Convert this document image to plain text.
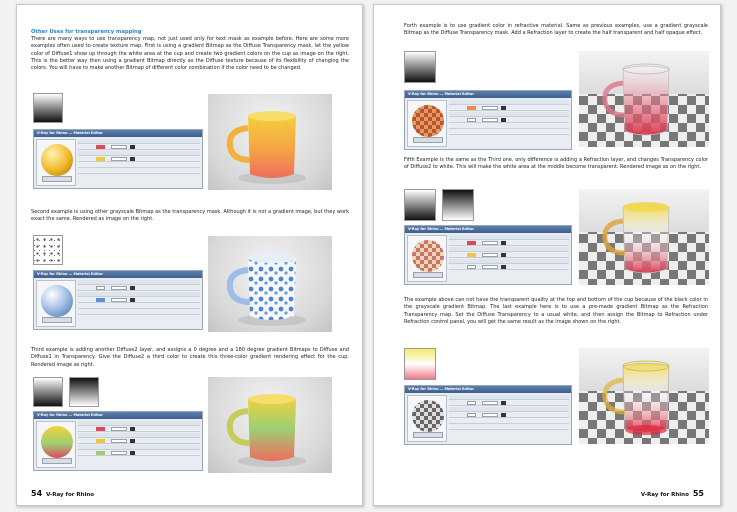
Other Uses for transparency mapping
There are many ways to use transparency map, not just used only for text mask as example before. Here are some more examples often used to create texture map. First is using a gradient Bitmap as the Diffuse Transparency mask, let the yellow color of Diffuse1 show up through the white area at the cup and create two gradient colors on the cup as image on the right. This is the better way then using a gradient Bitmap directly as the Diffuse texture because of its flexibility of changing the colors. You will have to make another Bitmap of different color combination if the color need to be changed.
V-Ray for Rhino — Material Editor
Second example is using other grayscale Bitmap as the transparency mask. Although it is not a gradient image, but they work exact the same. Rendered as image on the right.
V-Ray for Rhino — Material Editor
Third example is adding another Diffuse2 layer, and assigns a 0 degree and a 180 degree gradient Bitmaps to Diffuse and Diffuse1 in Transparency. Give the Diffuse2 a third color to create this three-color gradient rendering effect for the cup. Rendered image as right.
V-Ray for Rhino — Material Editor
54 V-Ray for Rhino
Forth example is to use gradient color in refractive material. Same as previous examples, use a gradient grayscale Bitmap as the Diffuse Transparency mask. Add a Refraction layer to create the half transparent and half opaque effect.
V-Ray for Rhino — Material Editor
Fifth Example is the same as the Third one, only difference is adding a Refraction layer, and changes Transparency color of Diffuse2 to white. This will make the white area at the middle become transparent. Rendered image as on the right.
V-Ray for Rhino — Material Editor
The example above can not have the transparent quality at the top and bottom of the cup because of the black color in the grayscale gradient Bitmap. The last example here is to use a pre-made gradient Bitmap as the Refraction Transparency map. Set the Diffuse Transparency to a usual white, and then assign the Bitmap to Refraction under Refraction control panel, you will get the same result as the image shown on the right.
V-Ray for Rhino — Material Editor
V-Ray for Rhino 55
